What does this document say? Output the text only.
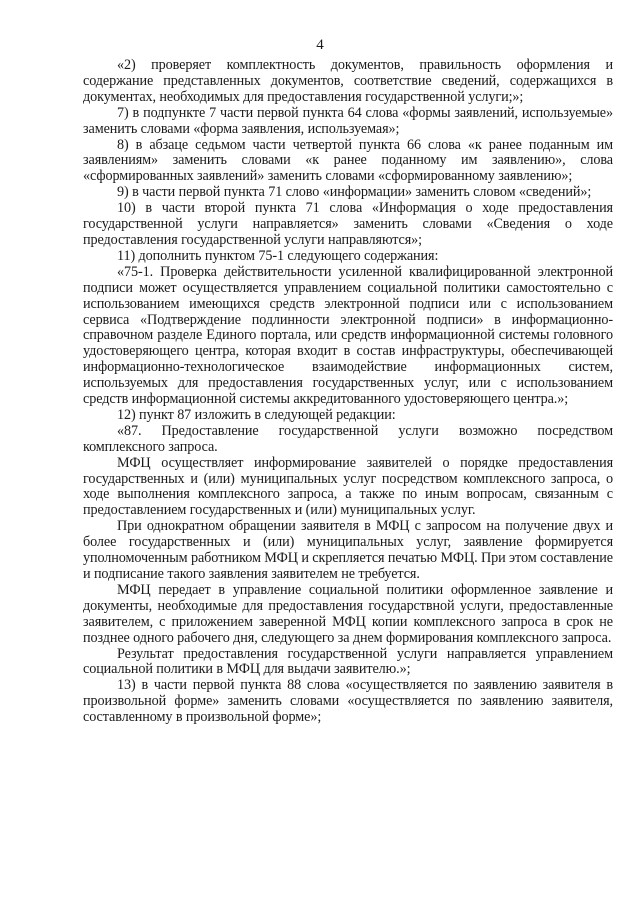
4

«2) проверяет комплектность документов, правильность оформления и содержание представленных документов, соответствие сведений, содержащихся в документах, необходимых для предоставления государственной услуги;»;

7) в подпункте 7 части первой пункта 64 слова «формы заявлений, используемые» заменить словами «форма заявления, используемая»;

8) в абзаце седьмом части четвертой пункта 66 слова «к ранее поданным им заявлениям» заменить словами «к ранее поданному им заявлению», слова «сформированных заявлений» заменить словами «сформированному заявлению»;

9) в части первой пункта 71 слово «информации» заменить словом «сведений»;

10) в части второй пункта 71 слова «Информация о ходе предоставления государственной услуги направляется» заменить словами «Сведения о ходе предоставления государственной услуги направляются»;

11) дополнить пунктом 75-1 следующего содержания:

«75-1. Проверка действительности усиленной квалифицированной электронной подписи может осуществляется управлением социальной политики самостоятельно с использованием имеющихся средств электронной подписи или с использованием сервиса «Подтверждение подлинности электронной подписи» в информационно-справочном разделе Единого портала, или средств информационной системы головного удостоверяющего центра, которая входит в состав инфраструктуры, обеспечивающей информационно-технологическое взаимодействие информационных систем, используемых для предоставления государственных услуг, или с использованием средств информационной системы аккредитованного удостоверяющего центра.»;

12) пункт 87 изложить в следующей редакции:

«87. Предоставление государственной услуги возможно посредством комплексного запроса.

МФЦ осуществляет информирование заявителей о порядке предоставления государственных и (или) муниципальных услуг посредством комплексного запроса, о ходе выполнения комплексного запроса, а также по иным вопросам, связанным с предоставлением государственных и (или) муниципальных услуг.

При однократном обращении заявителя в МФЦ с запросом на получение двух и более государственных и (или) муниципальных услуг, заявление формируется уполномоченным работником МФЦ и скрепляется печатью МФЦ. При этом составление и подписание такого заявления заявителем не требуется.

МФЦ передает в управление социальной политики оформленное заявление и документы, необходимые для предоставления государствной услуги, предоставленные заявителем, с приложением заверенной МФЦ копии комплексного запроса в срок не позднее одного рабочего дня, следующего за днем формирования комплексного запроса.

Результат предоставления государственной услуги направляется управлением социальной политики в МФЦ для выдачи заявителю.»;

13) в части первой пункта 88 слова «осуществляется по заявлению заявителя в произвольной форме» заменить словами «осуществляется по заявлению заявителя, составленному в произвольной форме»;
